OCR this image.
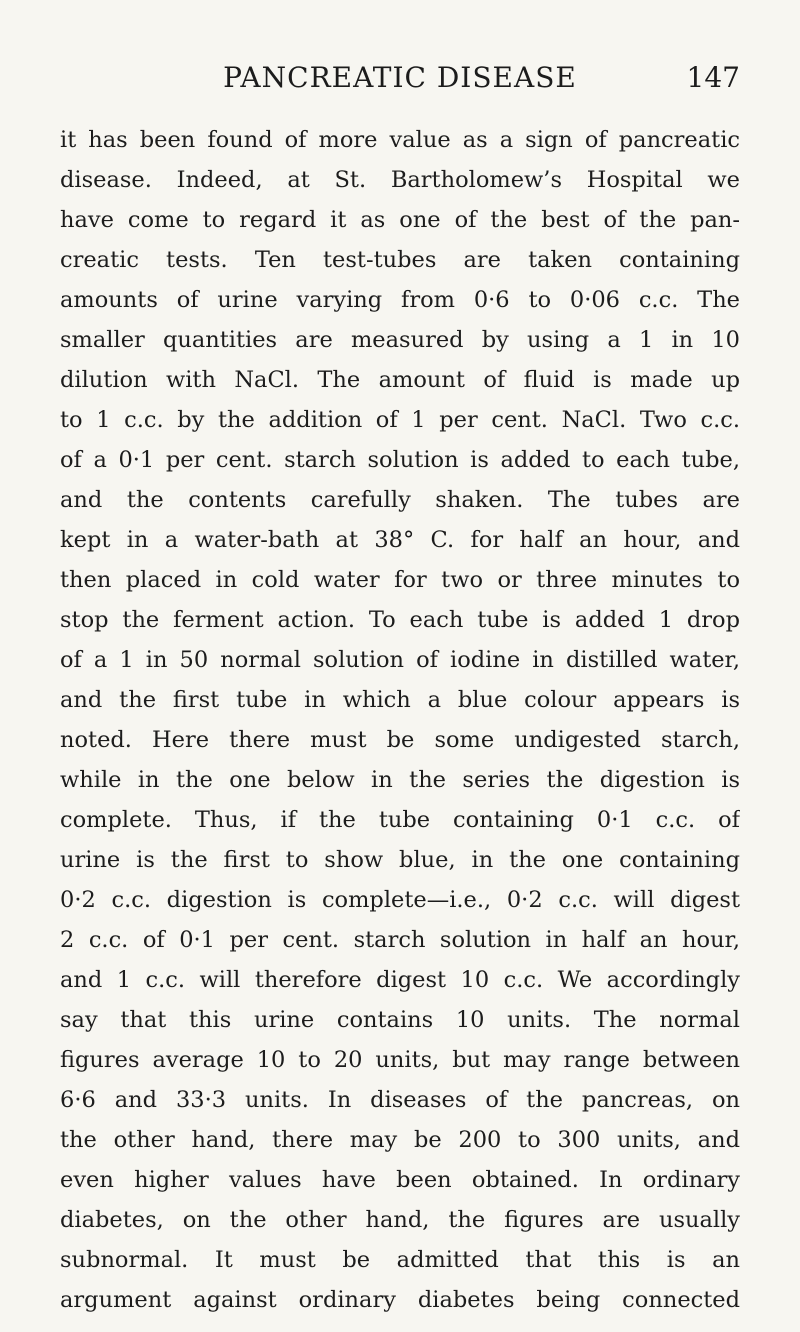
PANCREATIC DISEASE	147
it has been found of more value as a sign of pancreatic
disease. Indeed, at St. Bartholomew’s Hospital we
have come to regard it as one of the best of the pan-
creatic tests. Ten test-tubes are taken containing
amounts of urine varying from 0·6 to 0·06 c.c. The
smaller quantities are measured by using a 1 in 10
dilution with NaCl. The amount of fluid is made up
to 1 c.c. by the addition of 1 per cent. NaCl. Two c.c.
of a 0·1 per cent. starch solution is added to each tube,
and the contents carefully shaken. The tubes are
kept in a water-bath at 38° C. for half an hour, and
then placed in cold water for two or three minutes to
stop the ferment action. To each tube is added 1 drop
of a 1 in 50 normal solution of iodine in distilled water,
and the first tube in which a blue colour appears is
noted. Here there must be some undigested starch,
while in the one below in the series the digestion is
complete. Thus, if the tube containing 0·1 c.c. of
urine is the first to show blue, in the one containing
0·2 c.c. digestion is complete—i.e., 0·2 c.c. will digest
2 c.c. of 0·1 per cent. starch solution in half an hour,
and 1 c.c. will therefore digest 10 c.c. We accordingly
say that this urine contains 10 units. The normal
figures average 10 to 20 units, but may range between
6·6 and 33·3 units. In diseases of the pancreas, on
the other hand, there may be 200 to 300 units, and
even higher values have been obtained. In ordinary
diabetes, on the other hand, the figures are usually
subnormal. It must be admitted that this is an
argument against ordinary diabetes being connected
